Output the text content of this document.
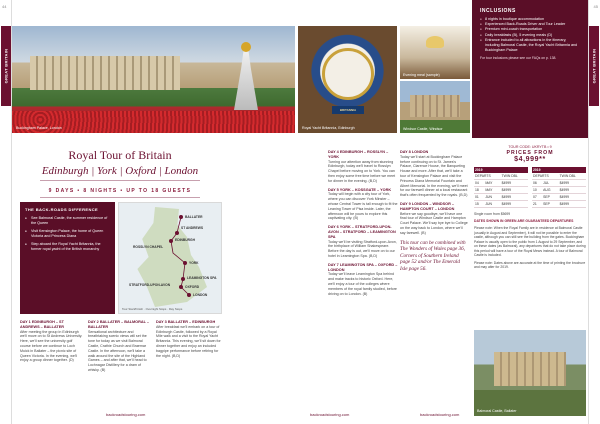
44
GREAT BRITAIN
45
GREAT BRITAIN
Buckingham Palace, London
BRITANNIA
Royal Yacht Britannia, Edinburgh
Evening meal (sample)
Windsor Castle, Windsor
INCLUSIONS
● 8 nights in boutique accommodation
● Experienced Back-Roads Driver and Tour Leader
● Premium mini-coach transportation
● Daily breakfasts (B), 5 evening meals (D)
● Entrance included to all attractions in the itinerary, including Balmoral Castle, the Royal Yacht Britannia and Buckingham Palace
For tour inclusions please see our FAQs on p. 138.
Royal Tour of Britain
Edinburgh | York | Oxford | London
9 DAYS • 8 NIGHTS • UP TO 18 GUESTS
THE BACK-ROADS DIFFERENCE
● See Balmoral Castle, the summer residence of the Queen
● Visit Kensington Palace, the home of Queen Victoria and Princess Diana
● Step aboard the Royal Yacht Britannia, the former royal yacht of the British monarchy
BALLATER
ST ANDREWS
EDINBURGH
ROSSLYN CHAPEL
YORK
LEAMINGTON SPA
STRATFORD-UPON-AVON	OXFORD
LONDON
Tour Start/Finish · Overnight Stops · Day Stops
DAY 1 EDINBURGH – ST ANDREWS – BALLATER

After meeting the group in Edinburgh we'll move on to St Andrews University. Here, we'll see the university golf course before we continue to Loch Muick in Ballater – the picnic site of Queen Victoria. In the evening, we'll enjoy a group dinner together. (D)

DAY 2 BALLATER – BALMORAL – BALLATER

Sensational architecture and breathtaking scenic views will set the tone for today as we visit Balmoral Castle, Crathie Church and Braemar Castle. In the afternoon, we'll take a walk around the site of the Highland Games – and after that, we'll head to Lochnagar Distillery for a dram of whisky. (B)

DAY 3 BALLATER – EDINBURGH

After breakfast we'll embark on a tour of Edinburgh Castle, followed by a Royal Mile walk and a visit to the Royal Yacht Britannia. This evening, we'll sit down for dinner together and enjoy an included bagpipe performance before retiring for the night. (B,D)

DAY 4 EDINBURGH – ROSSLYN – YORK

Turning our attention away from stunning Edinburgh, today we'll travel to Rosslyn Chapel before moving on to York. You can then enjoy some free time before we meet for dinner in the evening. (B,D)

DAY 5 YORK – KOSSGATE – YORK

Today will begin with a city tour of York, where you can discover York Minster – whose Central Tower is tall enough to fit the Leaning Tower of Pisa inside. Later, the afternoon will be yours to explore this captivating city. (B)

DAY 6 YORK – STRATFORD-UPON-AVON – STRATFORD – LEAMINGTON SPA

Today we'll be visiting Stratford-upon-Avon, the birthplace of William Shakespeare. Before the day is out, we'll move on to our hotel in Leamington Spa. (B,D)

DAY 7 LEAMINGTON SPA – OXFORD – LONDON

Today we'll leave Leamington Spa behind and make tracks to historic Oxford. Here, we'll enjoy a tour of the colleges where members of the royal family studied, before driving on to London. (B)

DAY 8 LONDON

Today we'll start at Buckingham Palace before continuing on to St. James's Palace, Clarence House, the Banqueting House and more. After that, we'll take a tour of Kensington Palace and visit the Princess Diana Memorial Fountain and Albert Memorial. In the evening, we'll meet for our farewell dinner at a local restaurant that's often frequented by the royals. (B,D)

DAY 9 LONDON – WINDSOR – HAMPTON COURT – LONDON

Before we say goodbye, we'll have one final tour of Windsor Castle and Hampton Court Palace. We'll say bye bye to College on the way back to London, where we'll say farewell. (B)

This tour can be combined with The Wonders of Wales page 36, Corners of Southern Ireland page 52 and/or The Emerald Isle page 56.

backroadstouring.com	backroadstouring.com	backroadstouring.com
TOUR CODE: UKRYTB • 9
PRICES FROM
$4,999**
2019		
DEPARTS		TWIN DBL
04	MAY	$4999
18	MAY	$4999
01	JUN	$4999
15	JUN	$4999
2019		
DEPARTS		TWIN DBL
06	JUL	$4999
10	AUG	$4999
07	SEP	$4999
21	SEP	$4999
Single room from $5699
DATES SHOWN IN GREEN ARE GUARANTEED DEPARTURES

Please note: When the Royal Family are in residence at Balmoral Castle (usually in August and September), it will not be possible to enter the castle, although you can still see the building from the gates. Buckingham Palace is usually open to the public from 1 August to 29 September, and on these dates (as Balmoral), any departures that do not take place during this period will have a tour of the Royal Mews instead. A tour of Balmoral Castle is included.

Please note: Dates above are accurate at the time of printing the brochure and may alter for 2019.

Balmoral Castle, Ballater
